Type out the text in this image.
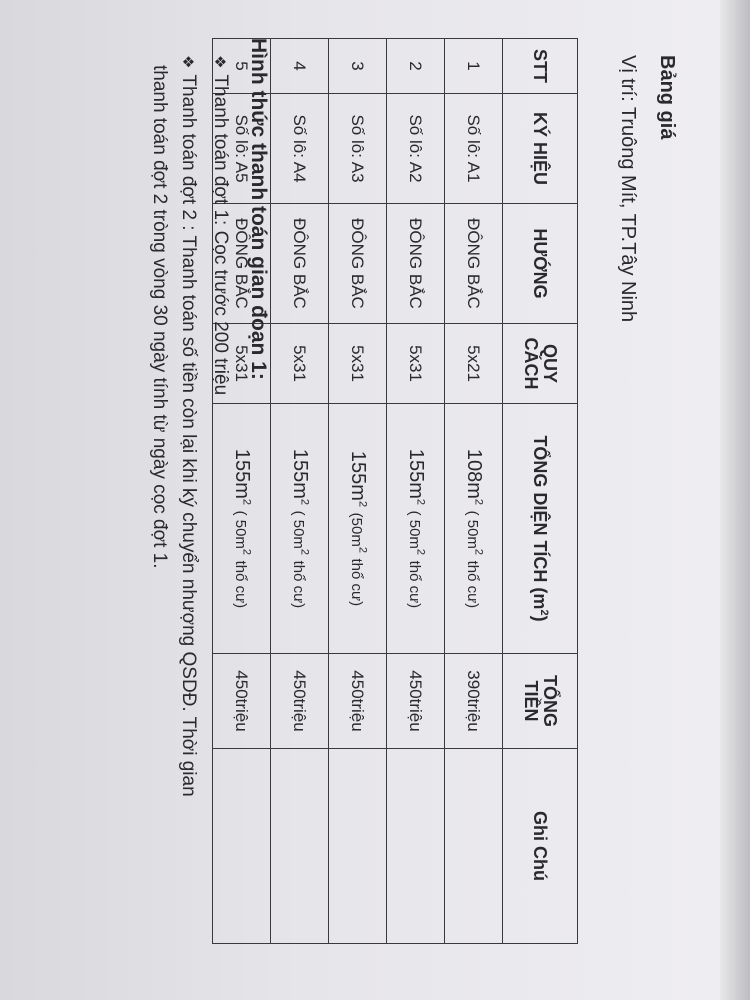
Bảng giá
Vị trí: Truông Mít, TP.Tây Ninh
STT	KÝ HIỆU	HƯỚNG	QUY CÁCH	TỔNG DIỆN TÍCH $(m^2)$	TỔNG TIỀN	Ghi Chú
1	Số lô: A1	ĐÔNG BẮC	5x21	$108m^2$ ( $50m^2$ thổ cư)	390triệu	
2	Số lô: A2	ĐÔNG BẮC	5x31	$155m^2$ ( $50m^2$ thổ cư)	450triệu	
3	Số lô: A3	ĐÔNG BẮC	5x31	$155m^2$ ($50m^2$ thổ cư)	450triệu	
4	Số lô: A4	ĐÔNG BẮC	5x31	$155m^2$ ( $50m^2$ thổ cư)	450triệu	
5	Số lô: A5	ĐÔNG BẮC	5x31	$155m^2$ ( $50m^2$ thổ cư)	450triệu	
Hình thức thanh toán gian đoạn 1:
❖Thanh toán đợt 1: Cọc trước 200 triệu
❖Thanh toán đợt 2 : Thanh toán số tiền còn lại khi ký chuyển nhượng QSDĐ. Thời gian
thanh toán đợt 2 tròng vòng 30 ngày tính từ ngày cọc đợt 1.
